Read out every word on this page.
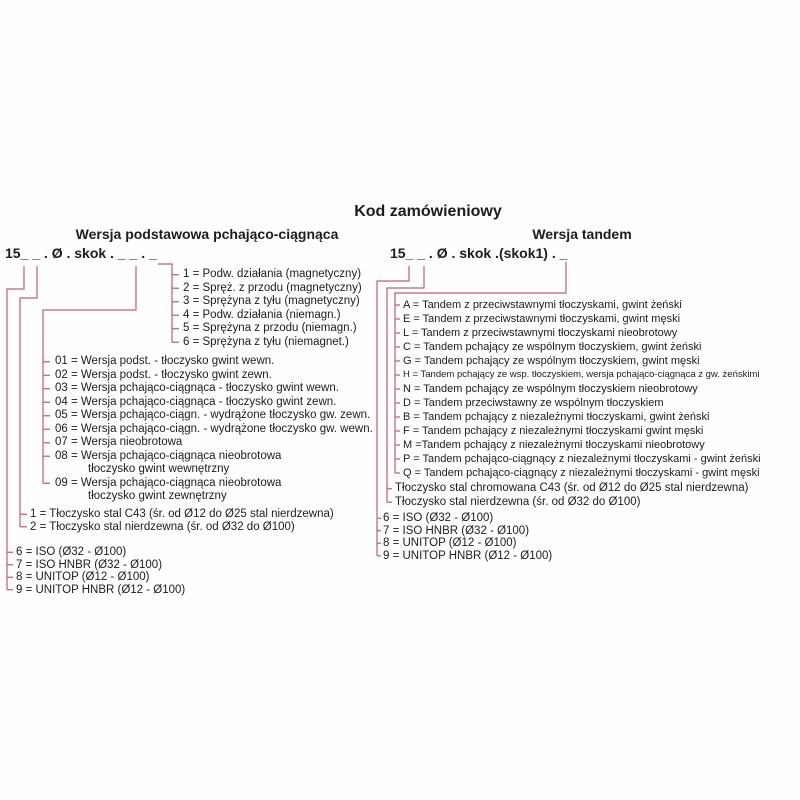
Kod zamówieniowy
Wersja podstawowa pchająco-ciągnąca	Wersja tandem
15_ _ . Ø . skok . _ _ . _	15_ _ . Ø . skok .(skok1) . _
1 = Podw. działania (magnetyczny)
2 = Spręż. z przodu (magnetyczny)
3 = Sprężyna z tyłu (magnetyczny)
4 = Podw. działania (niemagn.)
5 = Sprężyna z przodu (niemagn.)
6 = Sprężyna z tyłu (niemagnet.)
01 = Wersja podst. - tłoczysko gwint wewn.
02 = Wersja podst. - tłoczysko gwint zewn.
03 = Wersja pchająco-ciągnąca - tłoczysko gwint wewn.
04 = Wersja pchająco-ciągnąca - tłoczysko gwint zewn.
05 = Wersja pchająco-ciągn. - wydrążone tłoczysko gw. zewn.
06 = Wersja pchająco-ciągn. - wydrążone tłoczysko gw. wewn.
07 = Wersja nieobrotowa
08 = Wersja pchająco-ciągnąca nieobrotowa
tłoczysko gwint wewnętrzny
09 = Wersja pchająco-ciągnąca nieobrotowa
tłoczysko gwint zewnętrzny
1 = Tłoczysko stal C43 (śr. od Ø12 do Ø25 stal nierdzewna)
2 = Tłoczysko stal nierdzewna (śr. od Ø32 do Ø100)
6 = ISO (Ø32 - Ø100)
7 = ISO HNBR (Ø32 - Ø100)
8 = UNITOP (Ø12 - Ø100)
9 = UNITOP HNBR (Ø12 - Ø100)
A = Tandem z przeciwstawnymi tłoczyskami, gwint żeński
E = Tandem z przeciwstawnymi tłoczyskami, gwint męski
L = Tandem z przeciwstawnymi tłoczyskami nieobrotowy
C = Tandem pchający ze wspólnym tłoczyskiem, gwint żeński
G = Tandem pchający ze wspólnym tłoczyskiem, gwint męski
H = Tandem pchający ze wsp. tłoczyskiem, wersja pchająco-ciągnąca z gw. żeńskimi
N = Tandem pchający ze wspólnym tłoczyskiem nieobrotowy
D = Tandem przeciwstawny ze wspólnym tłoczyskiem
B = Tandem pchający z niezależnymi tłoczyskami, gwint żeński
F = Tandem pchający z niezależnymi tłoczyskami gwint męski
M =Tandem pchający z niezależnymi tłoczyskami nieobrotowy
P = Tandem pchająco-ciągnący z niezależnymi tłoczyskami - gwint żeński
Q = Tandem pchająco-ciągnący z niezależnymi tłoczyskami - gwint męski
Tłoczysko stal chromowana C43 (śr. od Ø12 do Ø25 stal nierdzewna)
Tłoczysko stal nierdzewna (śr. od Ø32 do Ø100)
6 = ISO (Ø32 - Ø100)
7 = ISO HNBR (Ø32 - Ø100)
8 = UNITOP (Ø12 - Ø100)
9 = UNITOP HNBR (Ø12 - Ø100)
